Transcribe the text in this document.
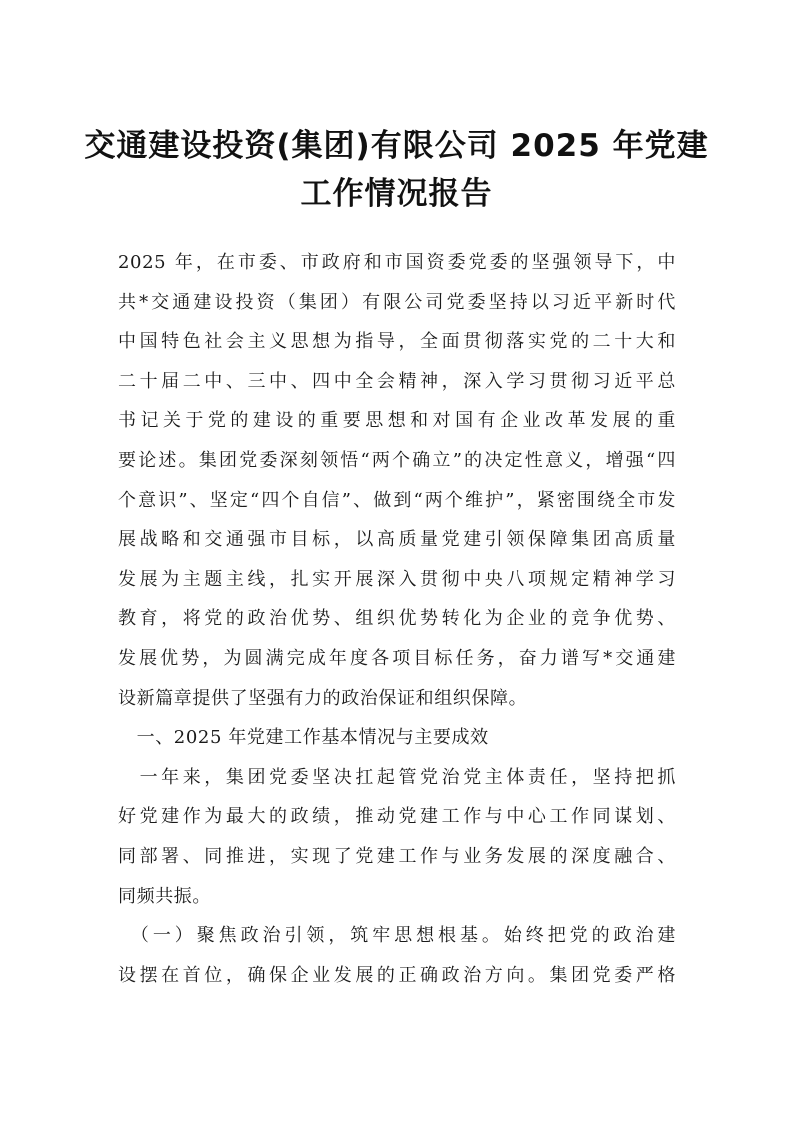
交通建设投资(集团)有限公司 2025 年党建
工作情况报告
2025 年，在市委、市政府和市国资委党委的坚强领导下，中
共*交通建设投资（集团）有限公司党委坚持以习近平新时代
中国特色社会主义思想为指导，全面贯彻落实党的二十大和
二十届二中、三中、四中全会精神，深入学习贯彻习近平总
书记关于党的建设的重要思想和对国有企业改革发展的重
要论述。集团党委深刻领悟“两个确立”的决定性意义，增强“四
个意识”、坚定“四个自信”、做到“两个维护”，紧密围绕全市发
展战略和交通强市目标，以高质量党建引领保障集团高质量
发展为主题主线，扎实开展深入贯彻中央八项规定精神学习
教育，将党的政治优势、组织优势转化为企业的竞争优势、
发展优势，为圆满完成年度各项目标任务，奋力谱写*交通建
设新篇章提供了坚强有力的政治保证和组织保障。
　一、2025 年党建工作基本情况与主要成效
　一年来，集团党委坚决扛起管党治党主体责任，坚持把抓
好党建作为最大的政绩，推动党建工作与中心工作同谋划、
同部署、同推进，实现了党建工作与业务发展的深度融合、
同频共振。
　（一）聚焦政治引领，筑牢思想根基。始终把党的政治建
设摆在首位，确保企业发展的正确政治方向。集团党委严格
